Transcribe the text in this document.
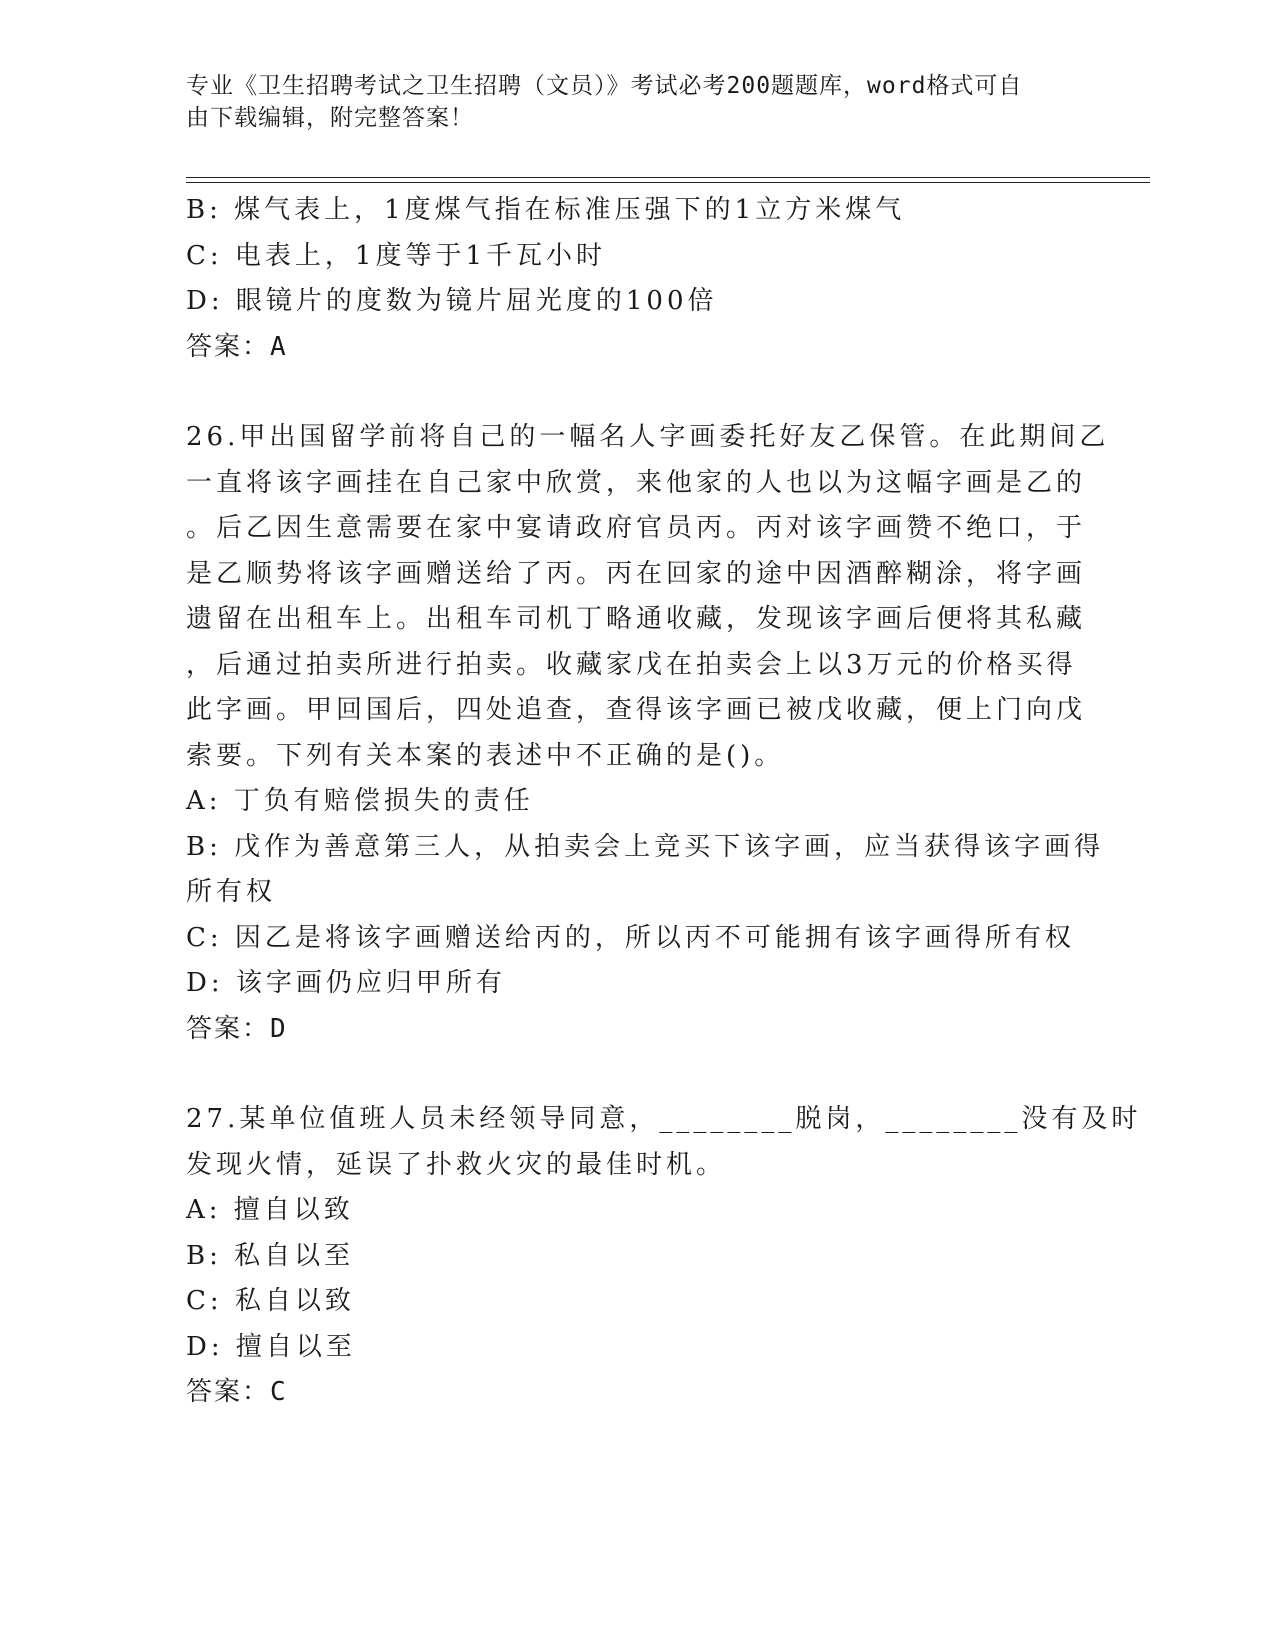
专业《卫生招聘考试之卫生招聘（文员）》考试必考200题题库，word格式可自
由下载编辑，附完整答案！
B: 煤气表上，1度煤气指在标准压强下的1立方米煤气
C: 电表上，1度等于1千瓦小时
D: 眼镜片的度数为镜片屈光度的100倍
答案：A
26.甲出国留学前将自己的一幅名人字画委托好友乙保管。在此期间乙
一直将该字画挂在自己家中欣赏，来他家的人也以为这幅字画是乙的
。后乙因生意需要在家中宴请政府官员丙。丙对该字画赞不绝口，于
是乙顺势将该字画赠送给了丙。丙在回家的途中因酒醉糊涂，将字画
遗留在出租车上。出租车司机丁略通收藏，发现该字画后便将其私藏
，后通过拍卖所进行拍卖。收藏家戊在拍卖会上以3万元的价格买得
此字画。甲回国后，四处追查，查得该字画已被戊收藏，便上门向戊
索要。下列有关本案的表述中不正确的是()。
A: 丁负有赔偿损失的责任
B: 戊作为善意第三人，从拍卖会上竞买下该字画，应当获得该字画得
所有权
C: 因乙是将该字画赠送给丙的，所以丙不可能拥有该字画得所有权
D: 该字画仍应归甲所有
答案：D
27.某单位值班人员未经领导同意，________脱岗，________没有及时
发现火情，延误了扑救火灾的最佳时机。
A: 擅自以致
B: 私自以至
C: 私自以致
D: 擅自以至
答案：C
